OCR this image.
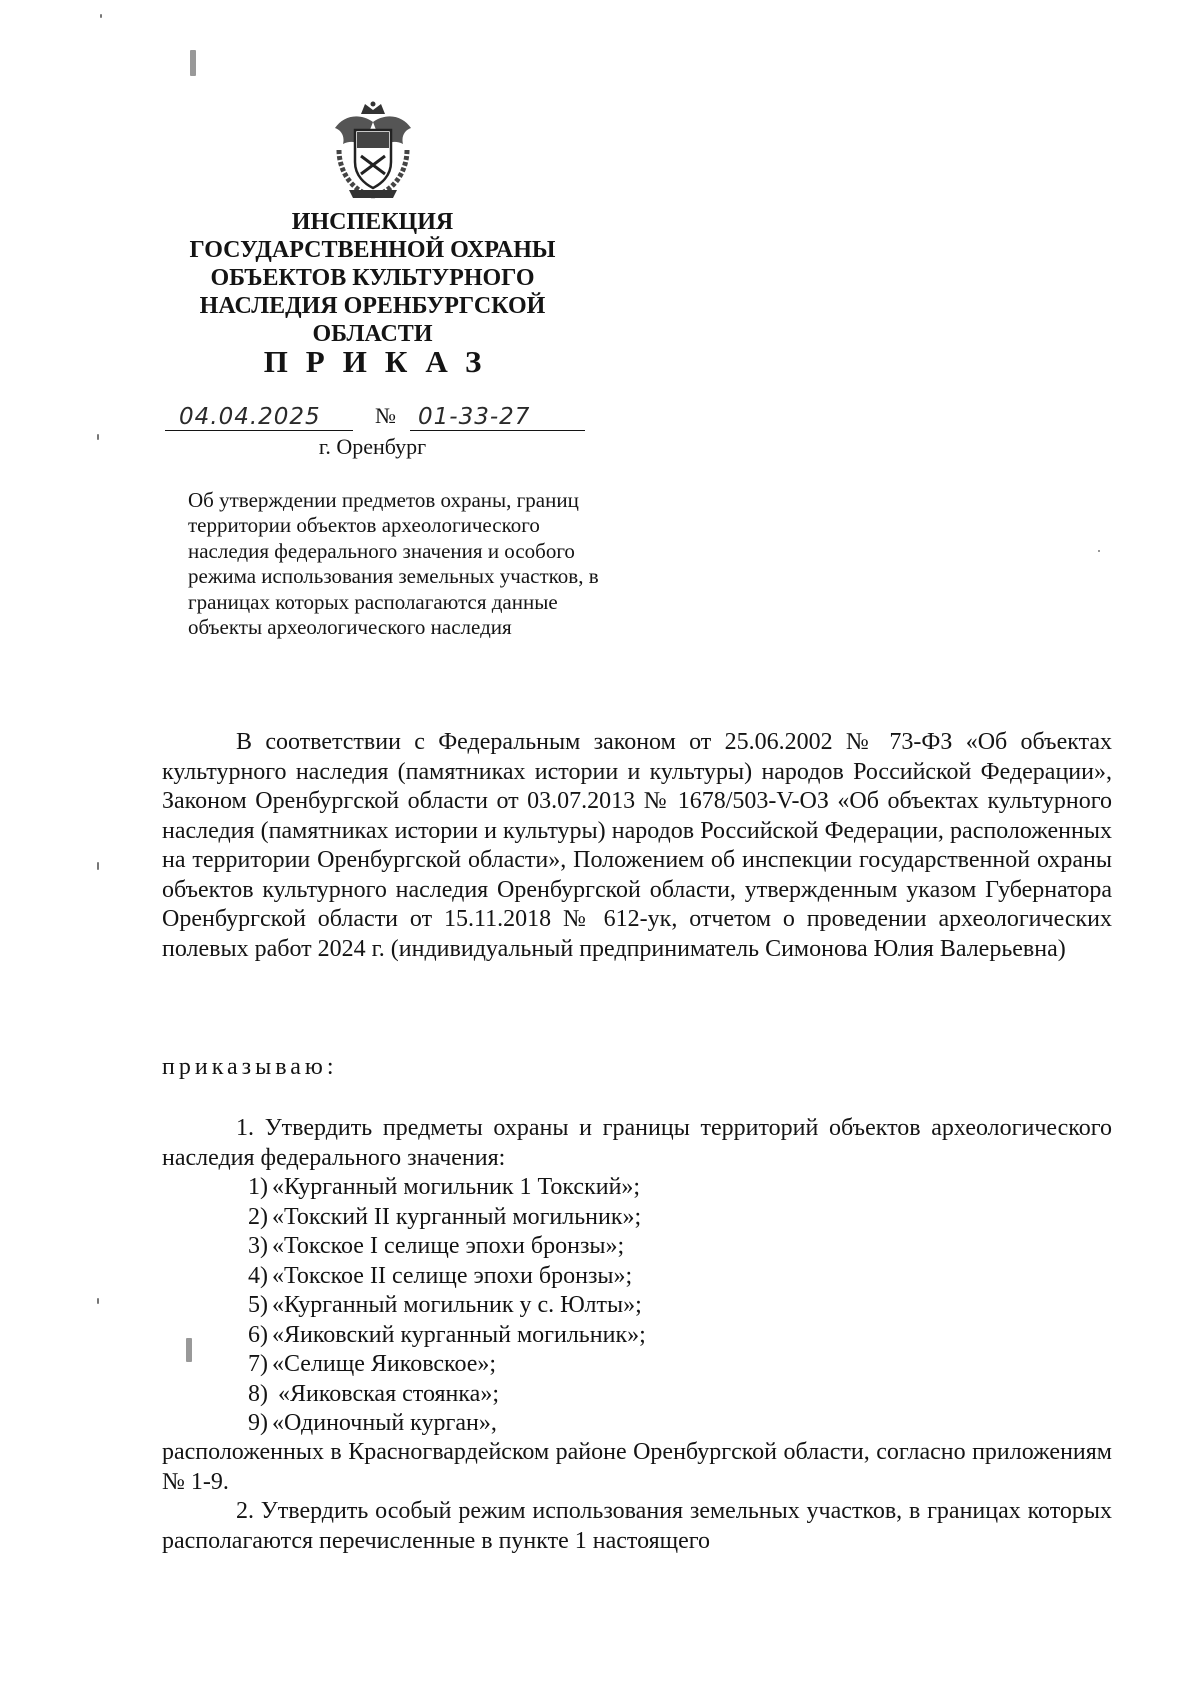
ИНСПЕКЦИЯ
ГОСУДАРСТВЕННОЙ ОХРАНЫ
ОБЪЕКТОВ КУЛЬТУРНОГО
НАСЛЕДИЯ ОРЕНБУРГСКОЙ
ОБЛАСТИ
ПРИКАЗ
04.04.2025 № 01-33-27
г. Оренбург
Об утверждении предметов охраны, границ территории объектов археологического наследия федерального значения и особого режима использования земельных участков, в границах которых располагаются данные объекты археологического наследия
В соответствии с Федеральным законом от 25.06.2002 № 73-ФЗ «Об объектах культурного наследия (памятниках истории и культуры) народов Российской Федерации», Законом Оренбургской области от 03.07.2013 № 1678/503-V-ОЗ «Об объектах культурного наследия (памятниках истории и культуры) народов Российской Федерации, расположенных на территории Оренбургской области», Положением об инспекции государственной охраны объектов культурного наследия Оренбургской области, утвержденным указом Губернатора Оренбургской области от 15.11.2018 № 612-ук, отчетом о проведении археологических полевых работ 2024 г. (индивидуальный предприниматель Симонова Юлия Валерьевна)
приказываю:
1. Утвердить предметы охраны и границы территорий объектов археологического наследия федерального значения:
1) «Курганный могильник 1 Токский»;
2) «Токский II курганный могильник»;
3) «Токское I селище эпохи бронзы»;
4) «Токское II селище эпохи бронзы»;
5) «Курганный могильник у с. Юлты»;
6) «Яиковский курганный могильник»;
7) «Селище Яиковское»;
8) «Яиковская стоянка»;
9) «Одиночный курган»,
расположенных в Красногвардейском районе Оренбургской области, согласно приложениям № 1-9.
2. Утвердить особый режим использования земельных участков, в границах которых располагаются перечисленные в пункте 1 настоящего
